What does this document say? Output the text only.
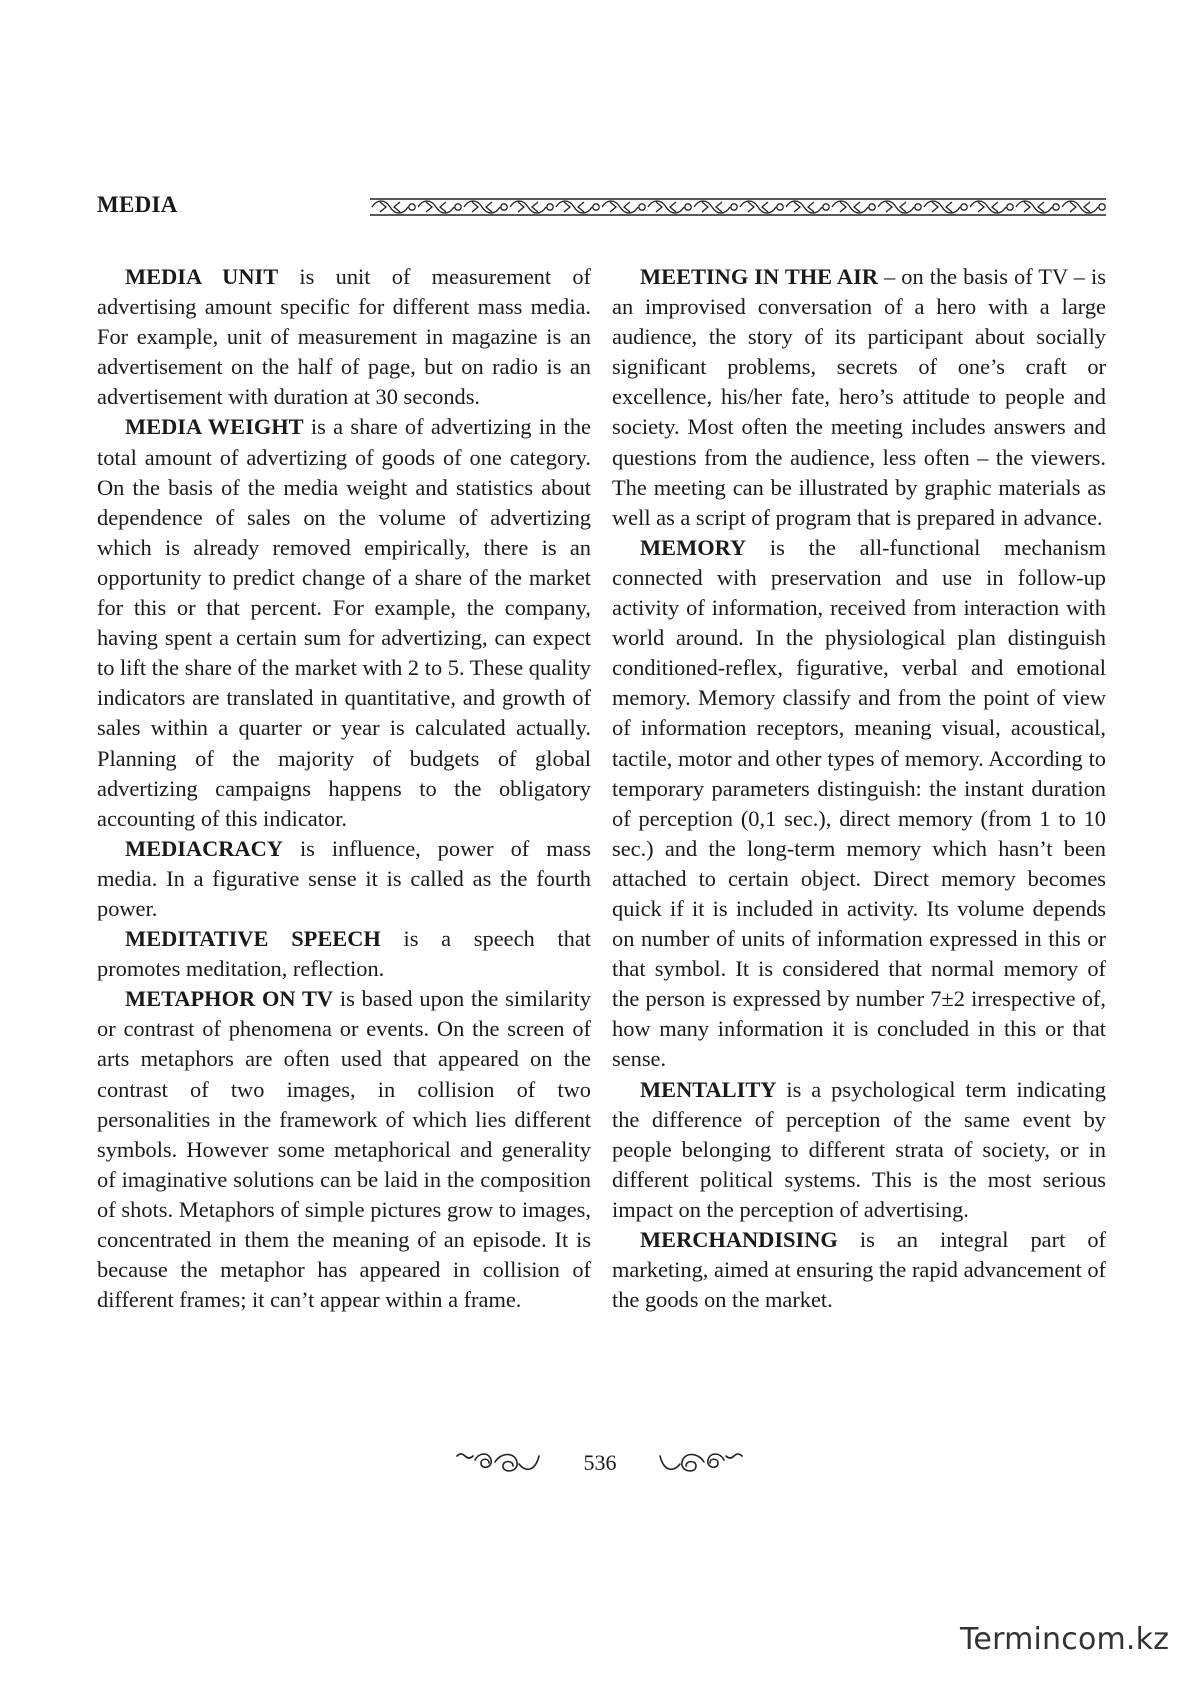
MEDIA

MEDIA UNIT is unit of measurement of advertising amount specific for different mass media. For example, unit of measurement in magazine is an advertisement on the half of page, but on radio is an advertisement with duration at 30 seconds.

MEDIA WEIGHT is a share of advertizing in the total amount of advertizing of goods of one category. On the basis of the media weight and statistics about dependence of sales on the volume of advertizing which is already removed empirically, there is an opportunity to predict change of a share of the market for this or that percent. For example, the company, having spent a certain sum for advertizing, can expect to lift the share of the market with 2 to 5. These quality indicators are translated in quantitative, and growth of sales within a quarter or year is calculated actually. Planning of the majority of budgets of global advertizing campaigns happens to the obligatory accounting of this indicator.

MEDIACRACY is influence, power of mass media. In a figurative sense it is called as the fourth power.

MEDITATIVE SPEECH is a speech that promotes meditation, reflection.

METAPHOR ON TV is based upon the similarity or contrast of phenomena or events. On the screen of arts metaphors are often used that appeared on the contrast of two images, in collision of two personalities in the framework of which lies different symbols. However some metaphorical and generality of imaginative solutions can be laid in the composition of shots. Metaphors of simple pictures grow to images, concentrated in them the meaning of an episode. It is because the metaphor has appeared in collision of different frames; it can’t appear within a frame.

MEETING IN THE AIR – on the basis of TV – is an improvised conversation of a hero with a large audience, the story of its participant about socially significant problems, secrets of one’s craft or excellence, his/her fate, hero’s attitude to people and society. Most often the meeting includes answers and questions from the audience, less often – the viewers. The meeting can be illustrated by graphic materials as well as a script of program that is prepared in advance.

MEMORY is the all-functional mechanism connected with preservation and use in follow-up activity of information, received from interaction with world around. In the physiological plan distinguish conditioned-reflex, figurative, verbal and emotional memory. Memory classify and from the point of view of information receptors, meaning visual, acoustical, tactile, motor and other types of memory. According to temporary parameters distinguish: the instant duration of perception (0,1 sec.), direct memory (from 1 to 10 sec.) and the long-term memory which hasn’t been attached to certain object. Direct memory becomes quick if it is included in activity. Its volume depends on number of units of information expressed in this or that symbol. It is considered that normal memory of the person is expressed by number 7±2 irrespective of, how many information it is concluded in this or that sense.

MENTALITY is a psychological term indicating the difference of perception of the same event by people belonging to different strata of society, or in different political systems. This is the most serious impact on the perception of advertising.

MERCHANDISING is an integral part of marketing, aimed at ensuring the rapid advancement of the goods on the market.

536
Termincom.kz
